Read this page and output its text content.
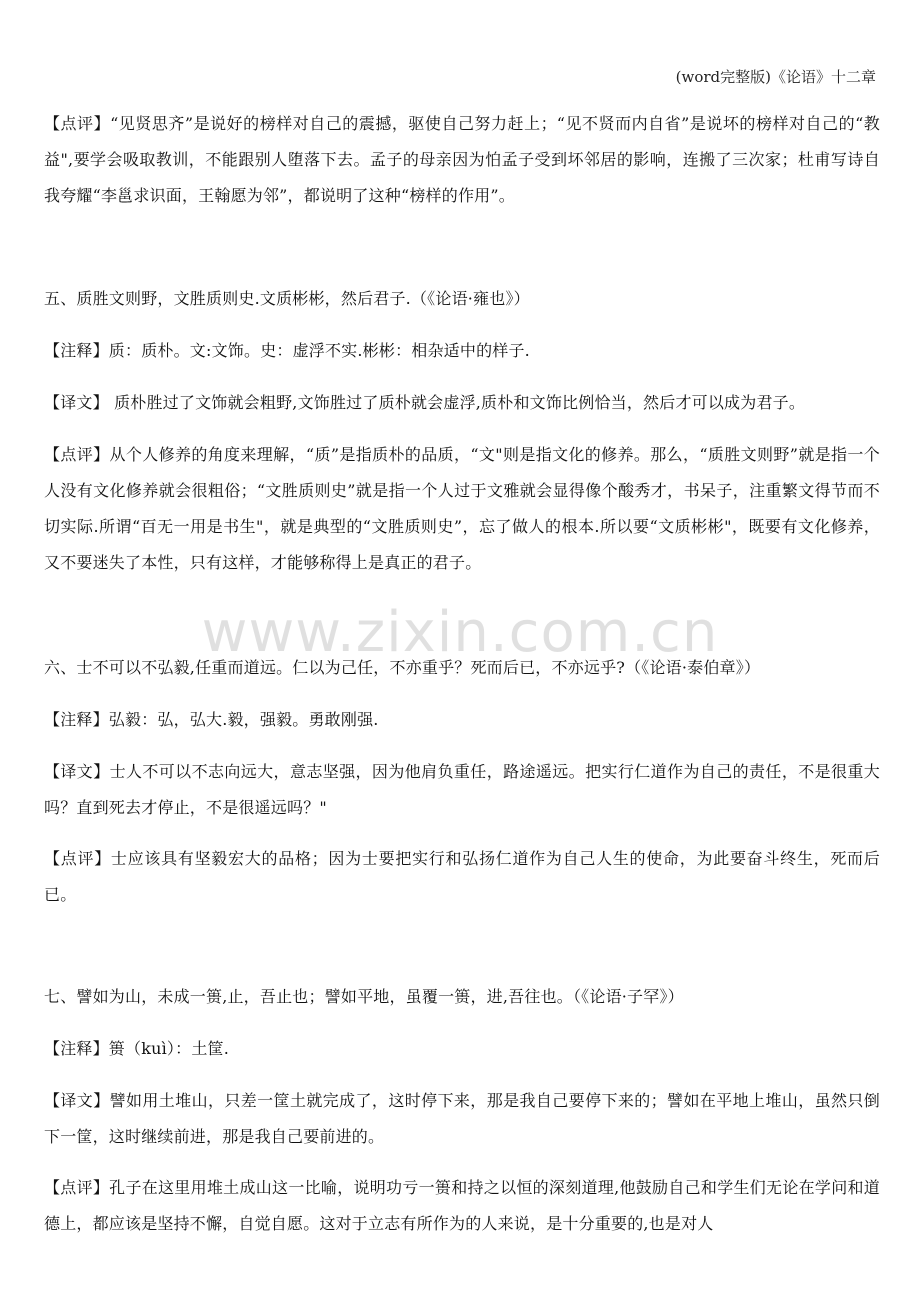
(word完整版)《论语》十二章
www.zixin.com.cn
【点评】“见贤思齐”是说好的榜样对自己的震撼，驱使自己努力赶上；“见不贤而内自省”是说坏的榜样对自己的“教益",要学会吸取教训，不能跟别人堕落下去。孟子的母亲因为怕孟子受到坏邻居的影响，连搬了三次家；杜甫写诗自我夸耀“李邕求识面，王翰愿为邻”，都说明了这种“榜样的作用”。
五、质胜文则野，文胜质则史.文质彬彬，然后君子.（《论语·雍也》）
【注释】质：质朴。文:文饰。史：虚浮不实.彬彬：相杂适中的样子.
【译文】 质朴胜过了文饰就会粗野,文饰胜过了质朴就会虚浮,质朴和文饰比例恰当，然后才可以成为君子。
【点评】从个人修养的角度来理解，“质”是指质朴的品质，“文"则是指文化的修养。那么，“质胜文则野”就是指一个人没有文化修养就会很粗俗；“文胜质则史”就是指一个人过于文雅就会显得像个酸秀才，书呆子，注重繁文得节而不切实际.所谓“百无一用是书生"，就是典型的“文胜质则史”，忘了做人的根本.所以要“文质彬彬"，既要有文化修养，又不要迷失了本性，只有这样，才能够称得上是真正的君子。
六、士不可以不弘毅,任重而道远。仁以为己任，不亦重乎？死而后已，不亦远乎?（《论语·泰伯章》）
【注释】弘毅：弘，弘大.毅，强毅。勇敢刚强.
【译文】士人不可以不志向远大，意志坚强，因为他肩负重任，路途遥远。把实行仁道作为自己的责任，不是很重大吗？直到死去才停止，不是很遥远吗？"
【点评】士应该具有坚毅宏大的品格；因为士要把实行和弘扬仁道作为自己人生的使命，为此要奋斗终生，死而后已。
七、譬如为山，未成一篑,止，吾止也；譬如平地，虽覆一篑，进,吾往也。（《论语·子罕》）
【注释】篑（kuì）：土筐.
【译文】譬如用土堆山，只差一筐土就完成了，这时停下来，那是我自己要停下来的；譬如在平地上堆山，虽然只倒下一筐，这时继续前进，那是我自己要前进的。
【点评】孔子在这里用堆土成山这一比喻，说明功亏一篑和持之以恒的深刻道理,他鼓励自己和学生们无论在学问和道德上，都应该是坚持不懈，自觉自愿。这对于立志有所作为的人来说，是十分重要的,也是对人
